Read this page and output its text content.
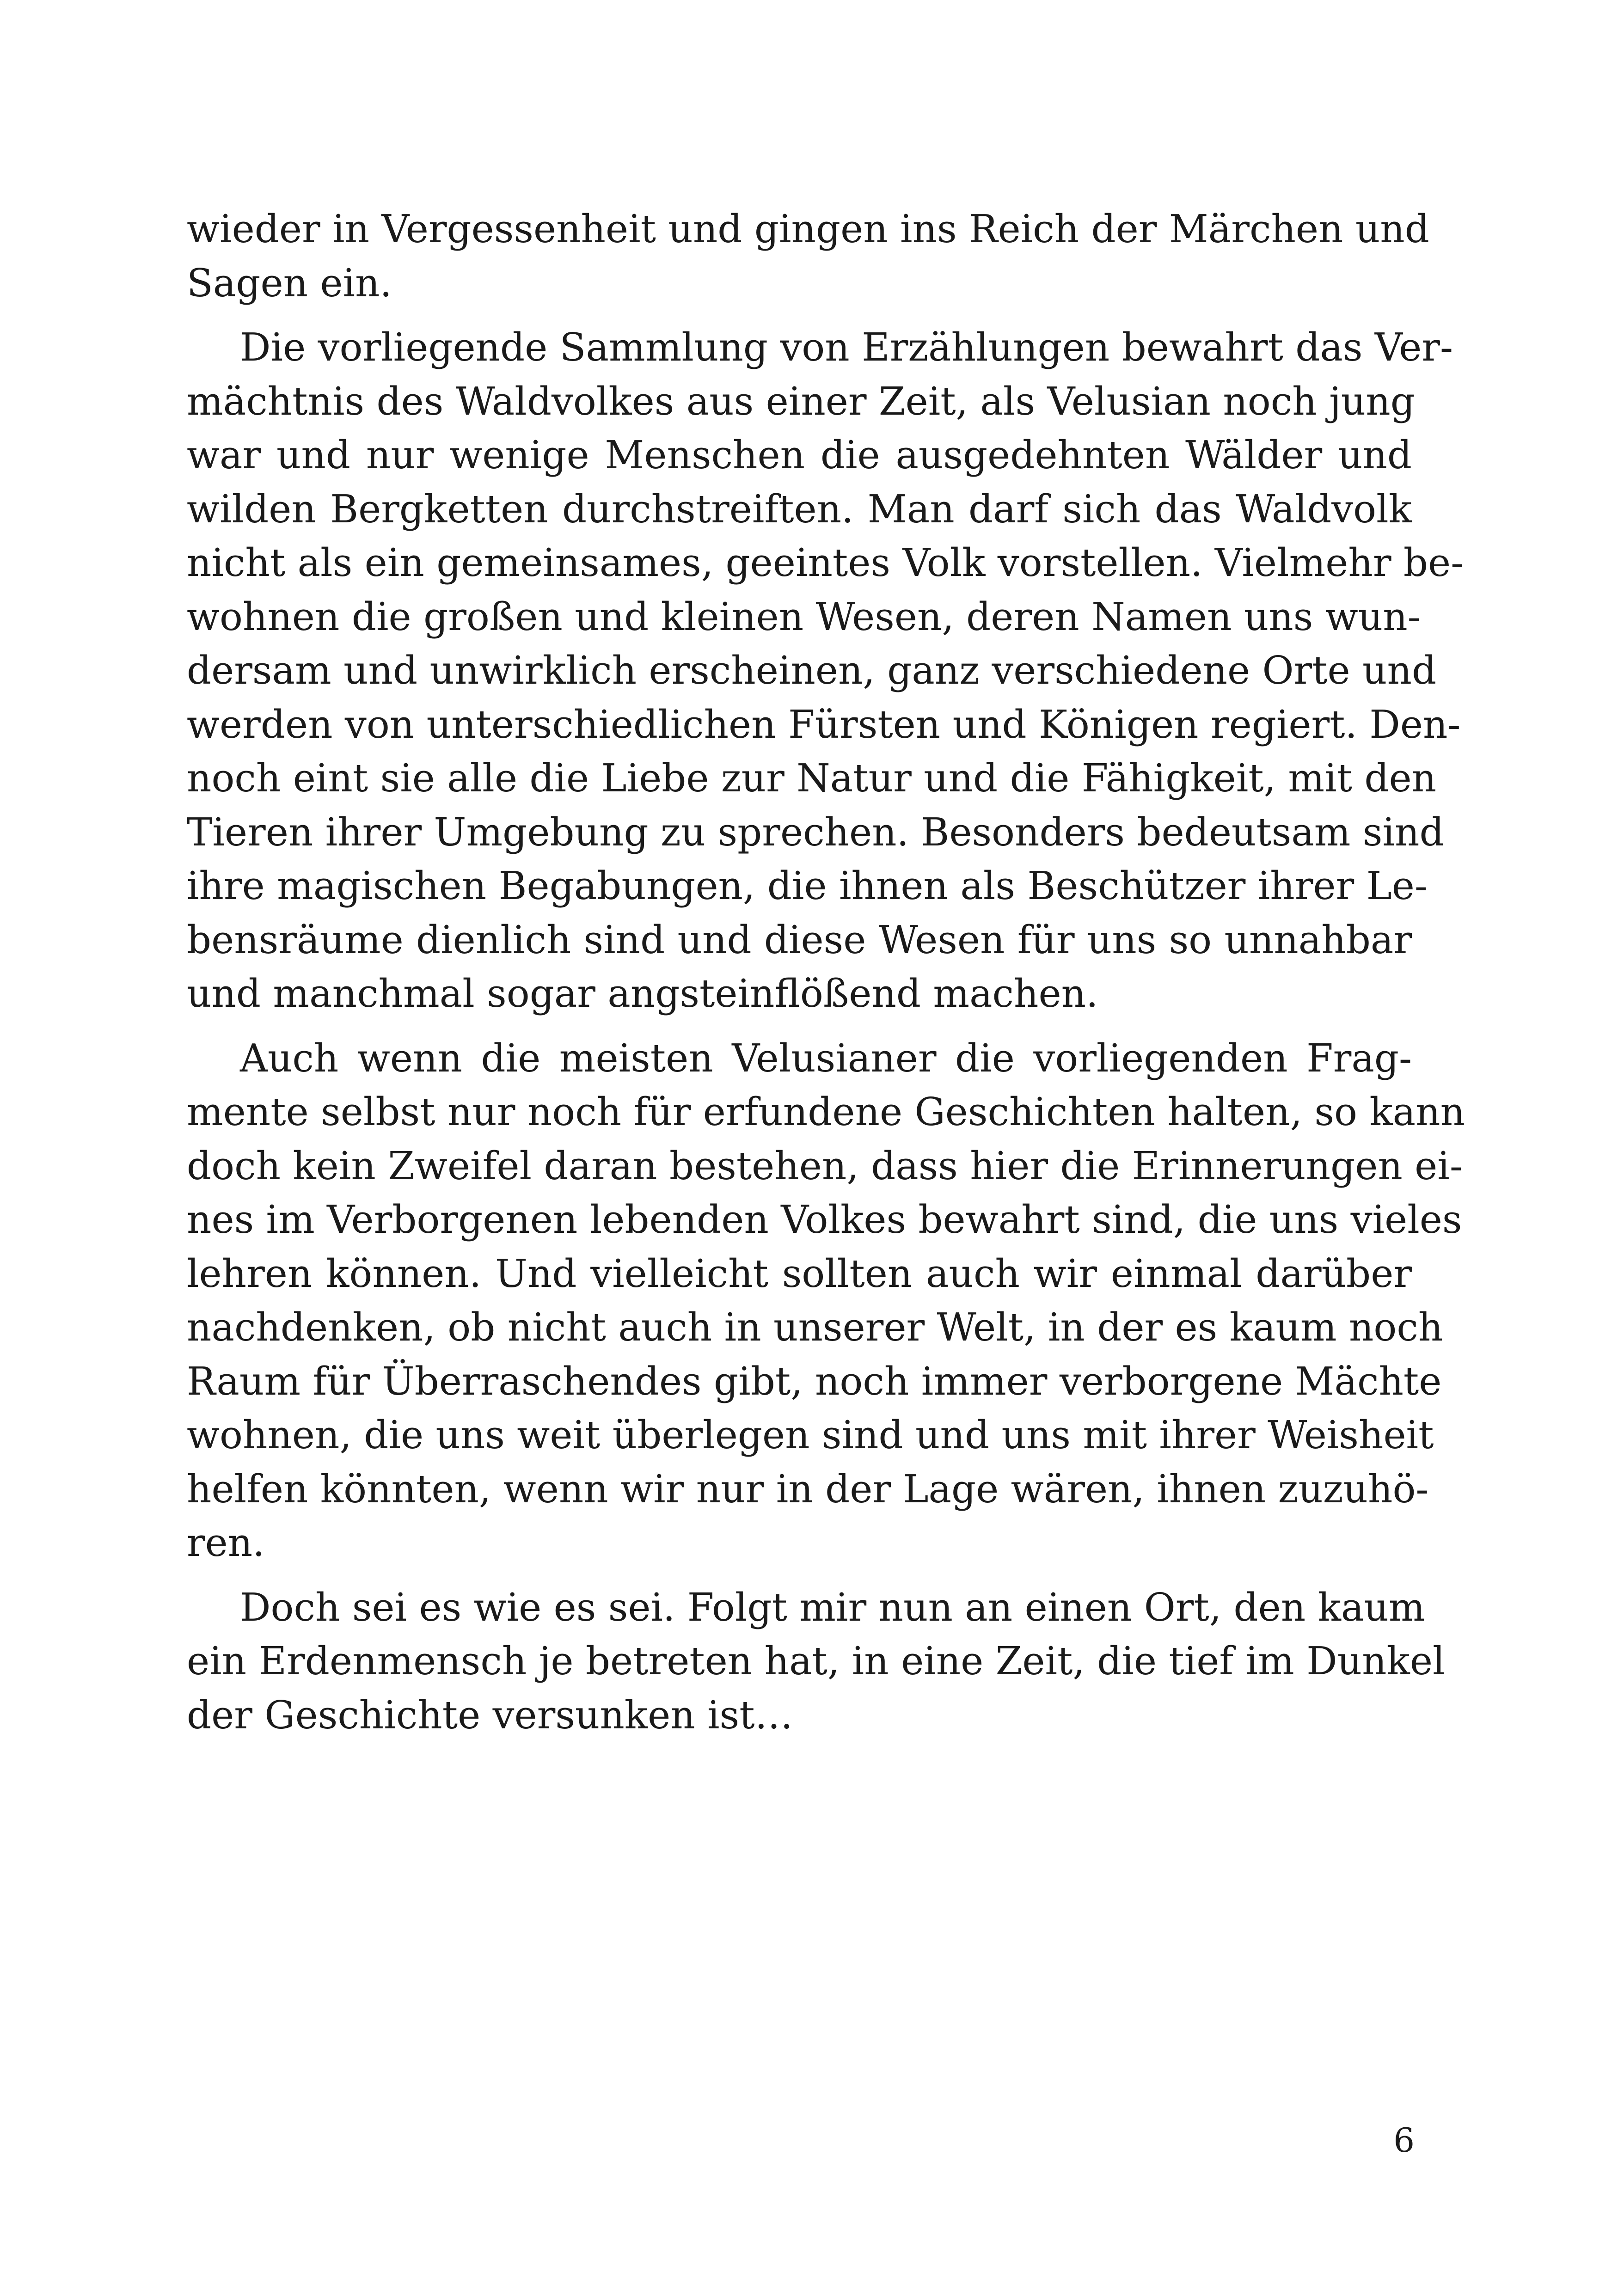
wieder in Vergessenheit und gingen ins Reich der Märchen und
Sagen ein.
Die vorliegende Sammlung von Erzählungen bewahrt das Ver-
mächtnis des Waldvolkes aus einer Zeit, als Velusian noch jung
war und nur wenige Menschen die ausgedehnten Wälder und
wilden Bergketten durchstreiften. Man darf sich das Waldvolk
nicht als ein gemeinsames, geeintes Volk vorstellen. Vielmehr be-
wohnen die großen und kleinen Wesen, deren Namen uns wun-
dersam und unwirklich erscheinen, ganz verschiedene Orte und
werden von unterschiedlichen Fürsten und Königen regiert. Den-
noch eint sie alle die Liebe zur Natur und die Fähigkeit, mit den
Tieren ihrer Umgebung zu sprechen. Besonders bedeutsam sind
ihre magischen Begabungen, die ihnen als Beschützer ihrer Le-
bensräume dienlich sind und diese Wesen für uns so unnahbar
und manchmal sogar angsteinflößend machen.
Auch wenn die meisten Velusianer die vorliegenden Frag-
mente selbst nur noch für erfundene Geschichten halten, so kann
doch kein Zweifel daran bestehen, dass hier die Erinnerungen ei-
nes im Verborgenen lebenden Volkes bewahrt sind, die uns vieles
lehren können. Und vielleicht sollten auch wir einmal darüber
nachdenken, ob nicht auch in unserer Welt, in der es kaum noch
Raum für Überraschendes gibt, noch immer verborgene Mächte
wohnen, die uns weit überlegen sind und uns mit ihrer Weisheit
helfen könnten, wenn wir nur in der Lage wären, ihnen zuzuhö-
ren.
Doch sei es wie es sei. Folgt mir nun an einen Ort, den kaum
ein Erdenmensch je betreten hat, in eine Zeit, die tief im Dunkel
der Geschichte versunken ist…
6
